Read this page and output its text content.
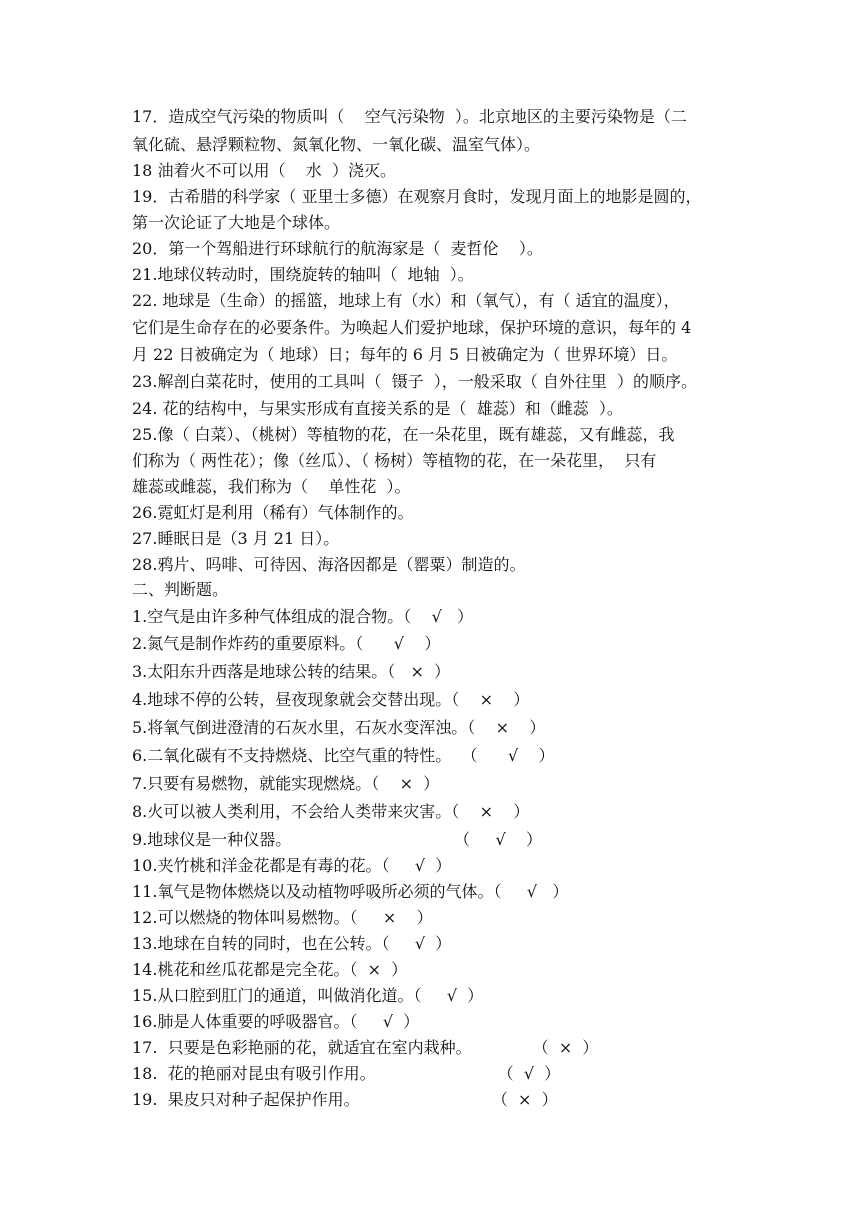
17．造成空气污染的物质叫（    空气污染物  ）。北京地区的主要污染物是（二
氧化硫、悬浮颗粒物、氮氧化物、一氧化碳、温室气体）。
18 油着火不可以用（    水  ）浇灭。
19．古希腊的科学家（ 亚里士多德）在观察月食时，发现月面上的地影是圆的，
第一次论证了大地是个球体。
20．第一个驾船进行环球航行的航海家是（  麦哲伦    ）。
21.地球仪转动时，围绕旋转的轴叫（  地轴  ）。
22. 地球是（生命）的摇篮，地球上有（水）和（氧气），有（ 适宜的温度），
它们是生命存在的必要条件。为唤起人们爱护地球，保护环境的意识，每年的 4
月 22 日被确定为（ 地球）日；每年的 6 月 5 日被确定为（ 世界环境）日。
23.解剖白菜花时，使用的工具叫（  镊子  ），一般采取（ 自外往里  ）的顺序。
24. 花的结构中，与果实形成有直接关系的是（  雄蕊）和（雌蕊  ）。
25.像（ 白菜）、（桃树）等植物的花，在一朵花里，既有雄蕊，又有雌蕊，我
们称为（ 两性花）；像（丝瓜）、（ 杨树）等植物的花，在一朵花里，  只有
雄蕊或雌蕊，我们称为（    单性花  ）。
26.霓虹灯是利用（稀有）气体制作的。
27.睡眠日是（3 月 21 日）。
28.鸦片、吗啡、可待因、海洛因都是（罂粟）制造的。
二、判断题。
1.空气是由许多种气体组成的混合物。（    √   ）
2.氮气是制作炸药的重要原料。（      √    ）
3.太阳东升西落是地球公转的结果。（   ×  ）
4.地球不停的公转，昼夜现象就会交替出现。（    ×    ）
5.将氧气倒进澄清的石灰水里，石灰水变浑浊。（    ×    ）
6.二氧化碳有不支持燃烧、比空气重的特性。  （      √    ）
7.只要有易燃物，就能实现燃烧。（    ×  ）
8.火可以被人类利用，不会给人类带来灾害。（    ×    ）
9.地球仪是一种仪器。                                （     √    ）
10.夹竹桃和洋金花都是有毒的花。（     √  ）
11.氧气是物体燃烧以及动植物呼吸所必须的气体。（     √   ）
12.可以燃烧的物体叫易燃物。（     ×    ）
13.地球在自转的同时，也在公转。（     √  ）
14.桃花和丝瓜花都是完全花。（  ×  ）
15.从口腔到肛门的通道，叫做消化道。（     √  ）
16.肺是人体重要的呼吸器官。（     √  ）
17.  只要是色彩艳丽的花，就适宜在室内栽种。            （  ×  ）
18.  花的艳丽对昆虫有吸引作用。                        （  √  ）
19.  果皮只对种子起保护作用。                          （  ×  ）
